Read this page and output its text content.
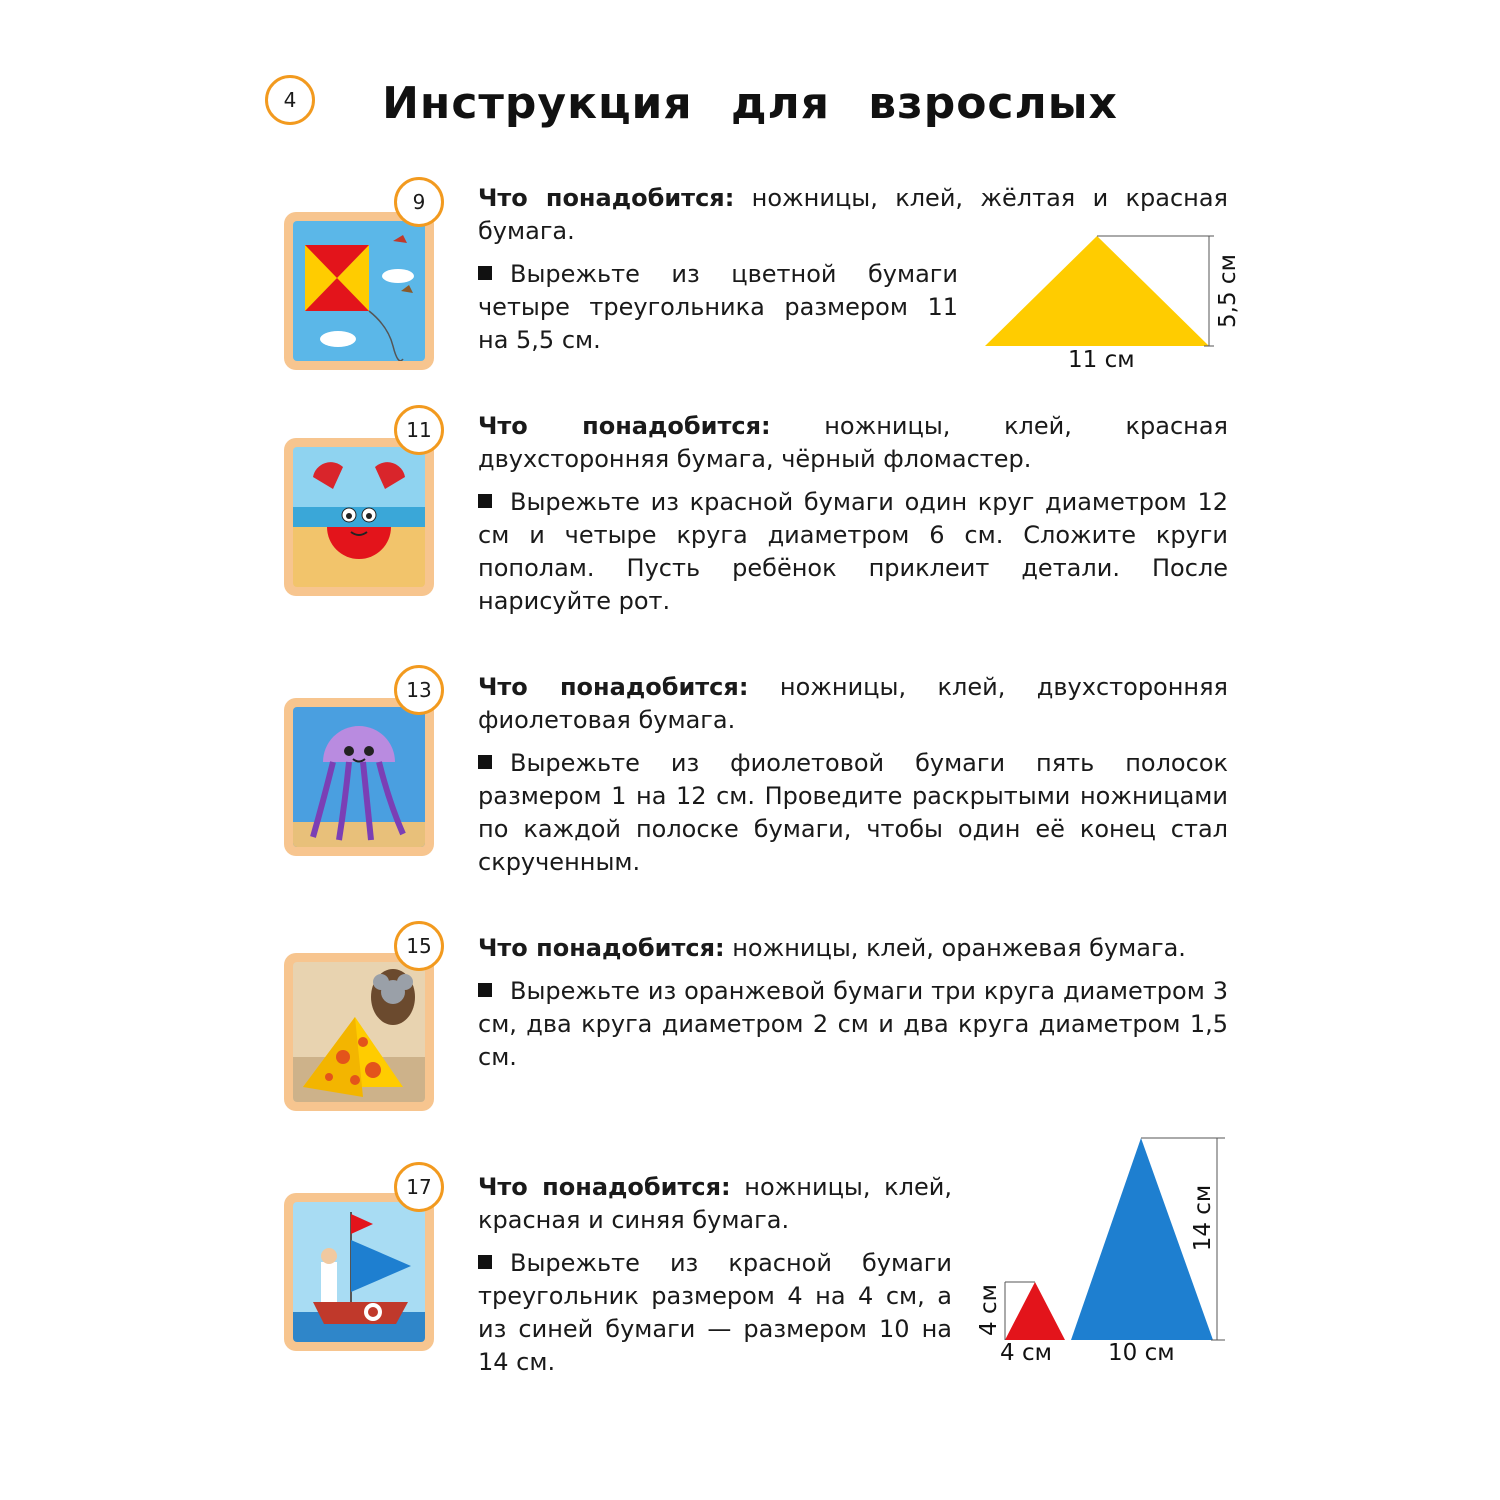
4	Инструкция для взрослых
9	Что понадобится: ножницы, клей, жёлтая и красная бумага.

Вырежьте из цветной бумаги четыре треугольника размером 11 на 5,5 см.

5,5 см
11 см
11	Что понадобится: ножницы, клей, красная двухсторонняя бумага, чёрный фломастер.

Вырежьте из красной бумаги один круг диаметром 12 см и четыре круга диаметром 6 см. Сложите круги пополам. Пусть ребёнок приклеит детали. После нарисуйте рот.

13	Что понадобится: ножницы, клей, двухсторонняя фиолетовая бумага.

Вырежьте из фиолетовой бумаги пять полосок размером 1 на 12 см. Проведите раскрытыми ножницами по каждой полоске бумаги, чтобы один её конец стал скрученным.

15	Что понадобится: ножницы, клей, оранжевая бумага.

Вырежьте из оранжевой бумаги три круга диаметром 3 см, два круга диаметром 2 см и два круга диаметром 1,5 см.

17	Что понадобится: ножницы, клей, красная и синяя бумага.

Вырежьте из красной бумаги треугольник размером 4 на 4 см, а из синей бумаги — размером 10 на 14 см.

4 см
4 см
14 см
10 см
